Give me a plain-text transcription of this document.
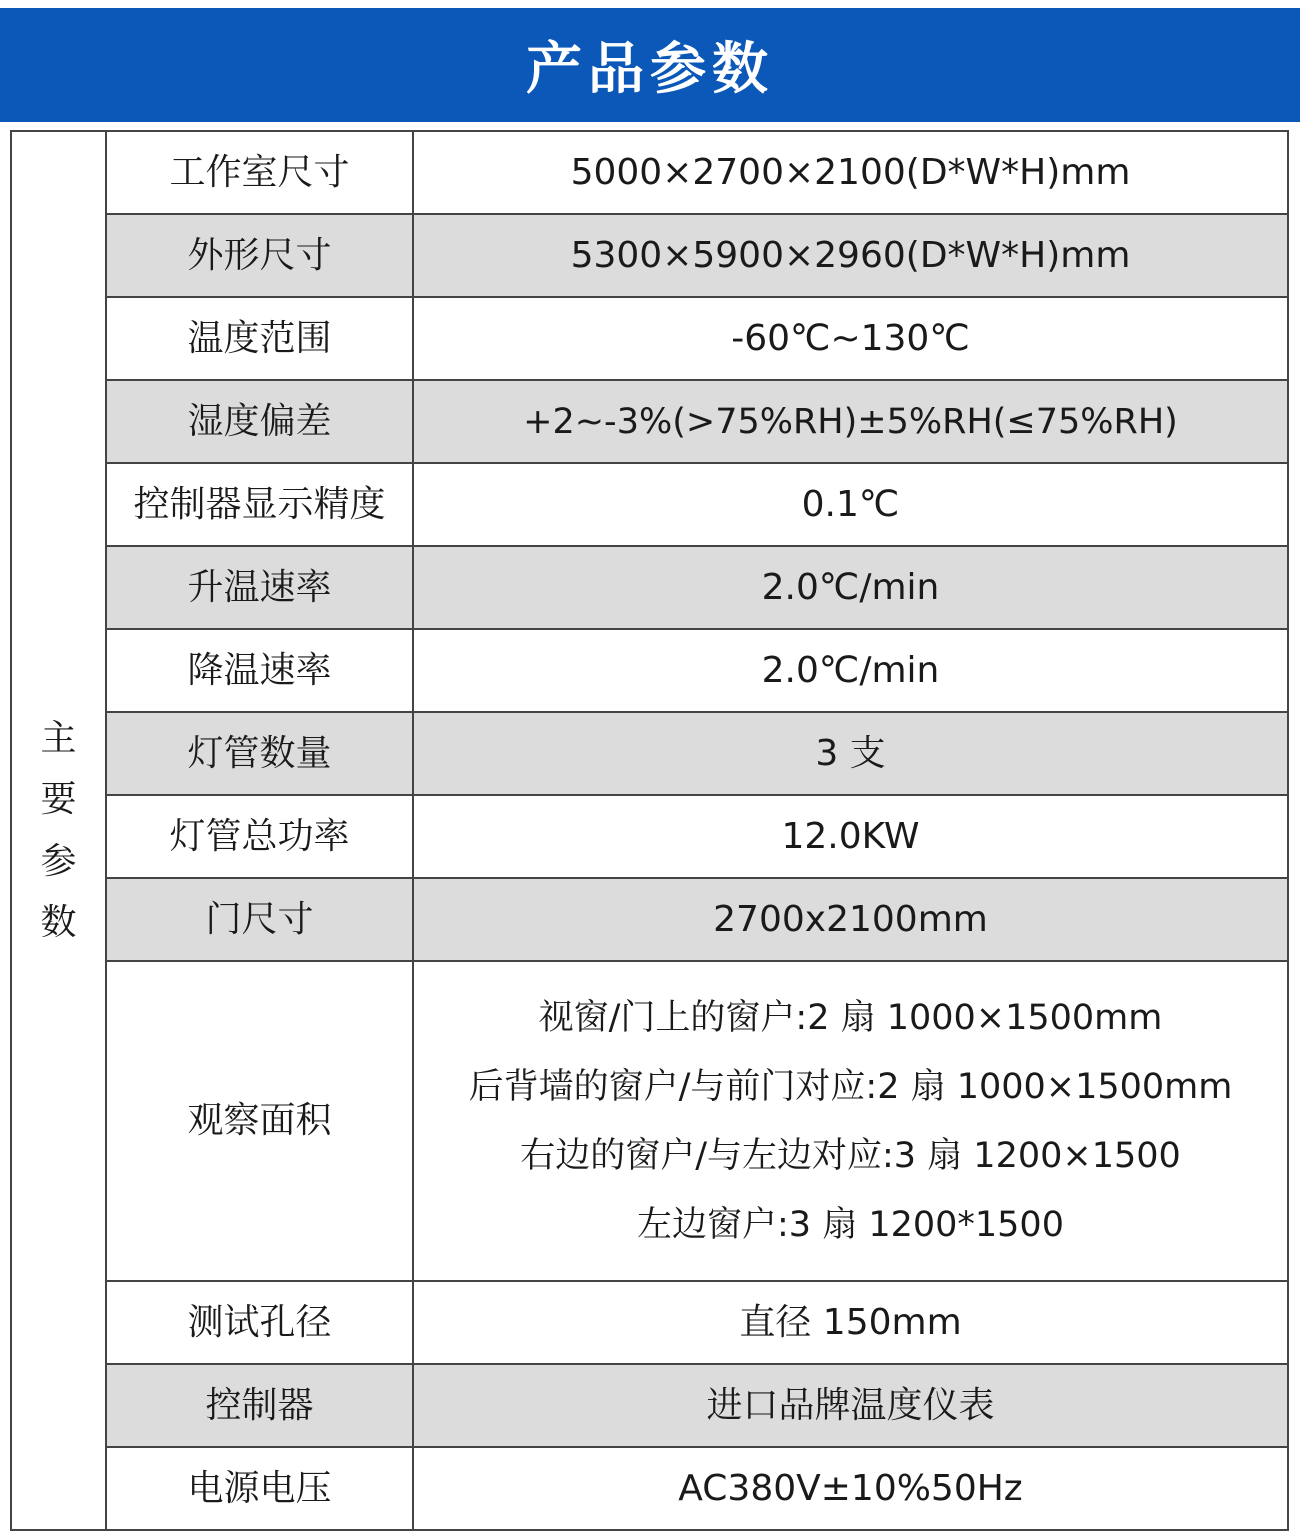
产品参数
主
要
参
数	工作室尺寸	5000×2700×2100(D*W*H)mm
	外形尺寸	5300×5900×2960(D*W*H)mm
	温度范围	-60℃~130℃
	湿度偏差	+2~-3%(>75%RH)±5%RH(≤75%RH)
	控制器显示精度	0.1℃
	升温速率	2.0℃/min
	降温速率	2.0℃/min
	灯管数量	3 支
	灯管总功率	12.0KW
	门尺寸	2700x2100mm
	观察面积	视窗/门上的窗户:2 扇 1000×1500mm
后背墙的窗户/与前门对应:2 扇 1000×1500mm
右边的窗户/与左边对应:3 扇 1200×1500
左边窗户:3 扇 1200*1500

	测试孔径	直径 150mm
	控制器	进口品牌温度仪表
	电源电压	AC380V±10%50Hz
